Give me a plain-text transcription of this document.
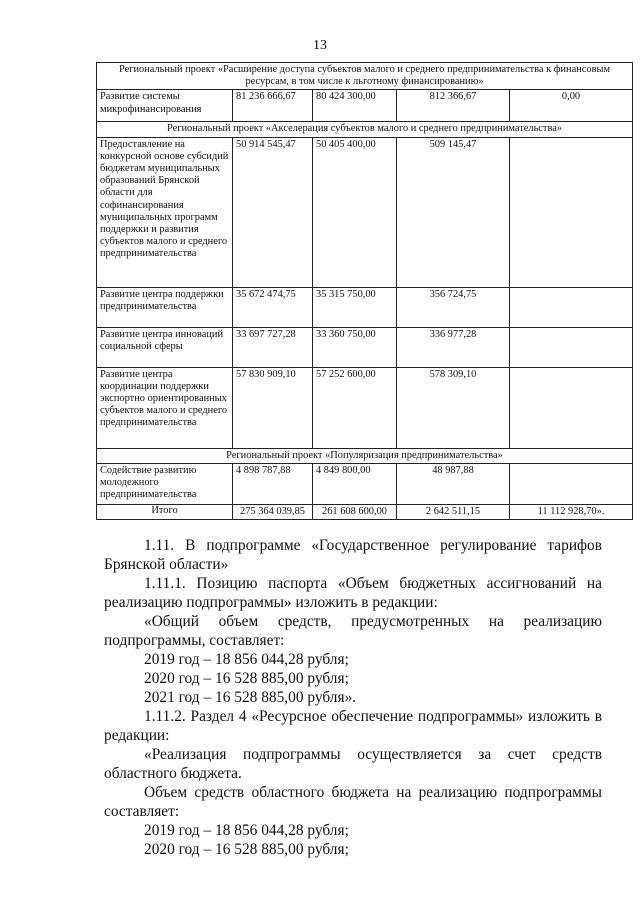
13
Региональный проект «Расширение доступа субъектов малого и среднего предпринимательства к финансовым ресурсам, в том числе к льготному финансированию»				
Развитие системы микрофинансирования	81 236 666,67	80 424 300,00	812 366,67	0,00
Региональный проект «Акселерация субъектов малого и среднего предпринимательства»				
Предоставление на конкурсной основе субсидий бюджетам муниципальных образований Брянской области для софинансирования муниципальных программ поддержки и развития субъектов малого и среднего предпринимательства	50 914 545,47	50 405 400,00	509 145,47	
Развитие центра поддержки предпринимательства	35 672 474,75	35 315 750,00	356 724,75	
Развитие центра инноваций социальной сферы	33 697 727,28	33 360 750,00	336 977,28	
Развитие центра координации поддержки экспортно ориентированных субъектов малого и среднего предпринимательства	57 830 909,10	57 252 600,00	578 309,10	
Региональный проект «Популяризация предпринимательства»				
Содействие развитию молодежного предпринимательства	4 898 787,88	4 849 800,00	48 987,88	
Итого	275 364 039,85	261 608 600,00	2 642 511,15	11 112 928,70».

1.11. В подпрограмме «Государственное регулирование тарифов Брянской области»

1.11.1. Позицию паспорта «Объем бюджетных ассигнований на реализацию подпрограммы» изложить в редакции:

«Общий объем средств, предусмотренных на реализацию подпрограммы, составляет:

2019 год – 18 856 044,28 рубля;

2020 год – 16 528 885,00 рубля;

2021 год – 16 528 885,00 рубля».

1.11.2. Раздел 4 «Ресурсное обеспечение подпрограммы» изложить в редакции:

«Реализация подпрограммы осуществляется за счет средств областного бюджета.

Объем средств областного бюджета на реализацию подпрограммы составляет:

2019 год – 18 856 044,28 рубля;

2020 год – 16 528 885,00 рубля;
